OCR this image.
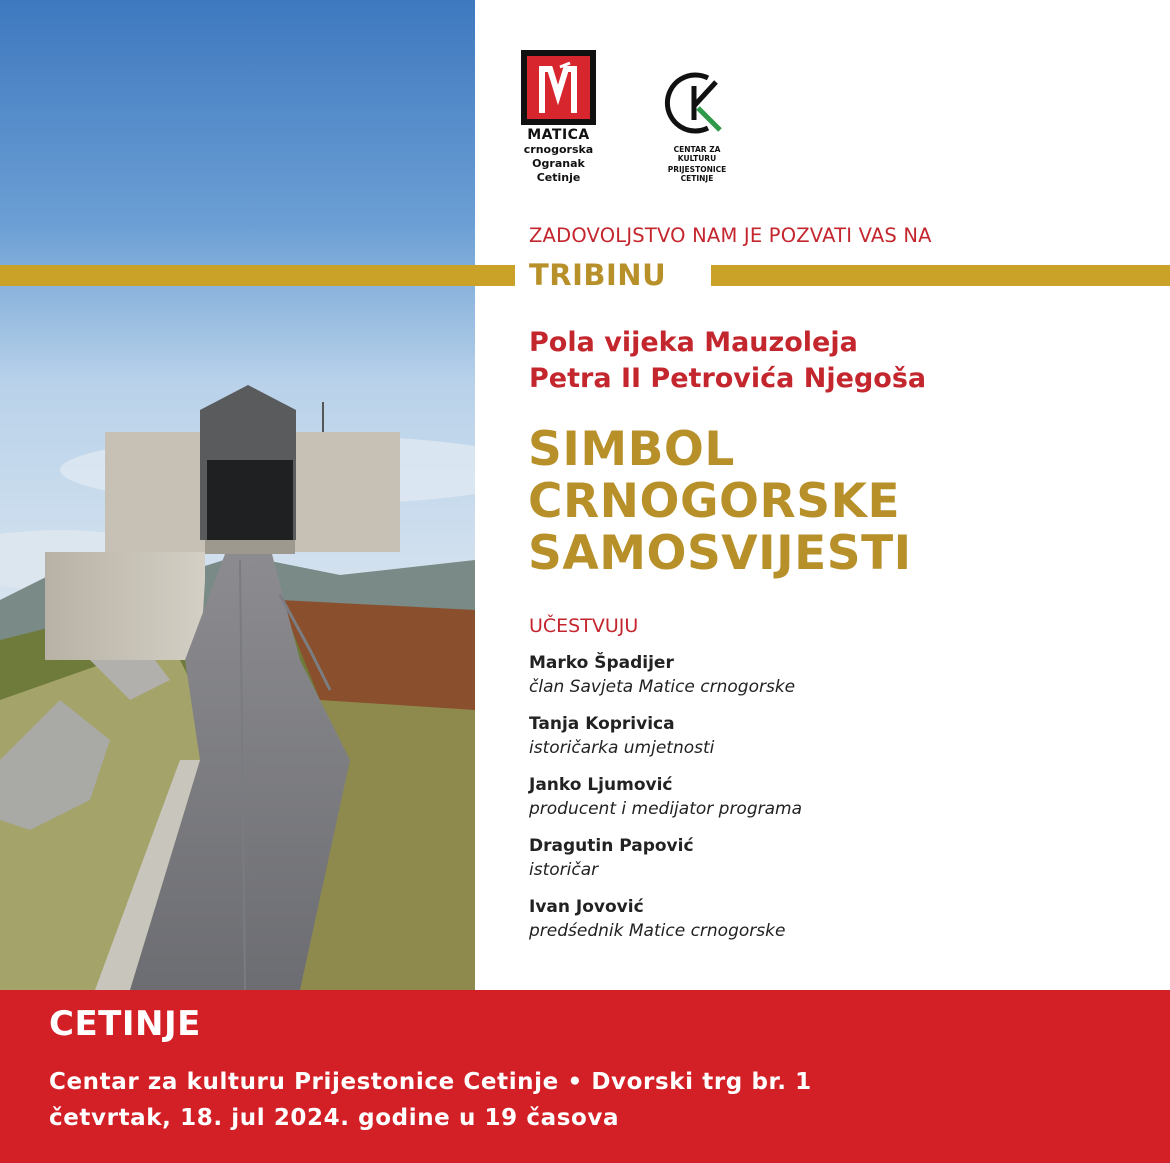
TRIBINU
MATICA
crnogorska
Ogranak
Cetinje
CENTAR ZA KULTURU
PRIJESTONICE CETINJE
ZADOVOLJSTVO NAM JE POZVATI VAS NA
Pola vijeka Mauzoleja
Petra II Petrovića Njegoša
SIMBOL
CRNOGORSKE
SAMOSVIJESTI
UČESTVUJU
Marko Špadijer
član Savjeta Matice crnogorske
Tanja Koprivica
istoričarka umjetnosti
Janko Ljumović
producent i medijator programa
Dragutin Papović
istoričar
Ivan Jovović
predśednik Matice crnogorske
CETINJE
Centar za kulturu Prijestonice Cetinje • Dvorski trg br. 1
četvrtak, 18. jul 2024. godine u 19 časova
